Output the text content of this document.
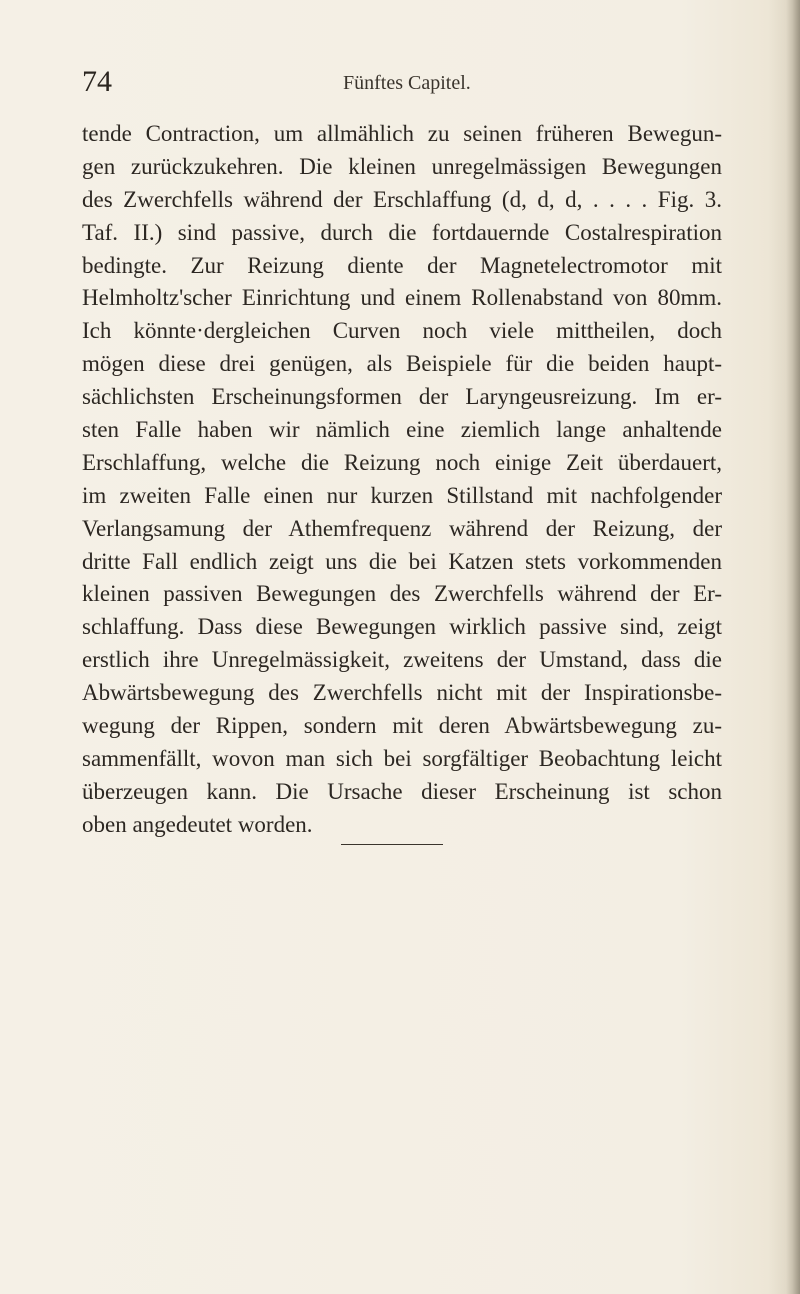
74	Fünftes Capitel.
tende Contraction, um allmählich zu seinen früheren Bewegun-
gen zurückzukehren. Die kleinen unregelmässigen Bewegungen
des Zwerchfells während der Erschlaffung (d, d, d, . . . . Fig. 3.
Taf. II.) sind passive, durch die fortdauernde Costalrespiration
bedingte. Zur Reizung diente der Magnetelectromotor mit
Helmholtz'scher Einrichtung und einem Rollenabstand von 80mm.
Ich könnte·dergleichen Curven noch viele mittheilen, doch
mögen diese drei genügen, als Beispiele für die beiden haupt-
sächlichsten Erscheinungsformen der Laryngeusreizung. Im er-
sten Falle haben wir nämlich eine ziemlich lange anhaltende
Erschlaffung, welche die Reizung noch einige Zeit überdauert,
im zweiten Falle einen nur kurzen Stillstand mit nachfolgender
Verlangsamung der Athemfrequenz während der Reizung, der
dritte Fall endlich zeigt uns die bei Katzen stets vorkommenden
kleinen passiven Bewegungen des Zwerchfells während der Er-
schlaffung. Dass diese Bewegungen wirklich passive sind, zeigt
erstlich ihre Unregelmässigkeit, zweitens der Umstand, dass die
Abwärtsbewegung des Zwerchfells nicht mit der Inspirationsbe-
wegung der Rippen, sondern mit deren Abwärtsbewegung zu-
sammenfällt, wovon man sich bei sorgfältiger Beobachtung leicht
überzeugen kann. Die Ursache dieser Erscheinung ist schon
oben angedeutet worden.
